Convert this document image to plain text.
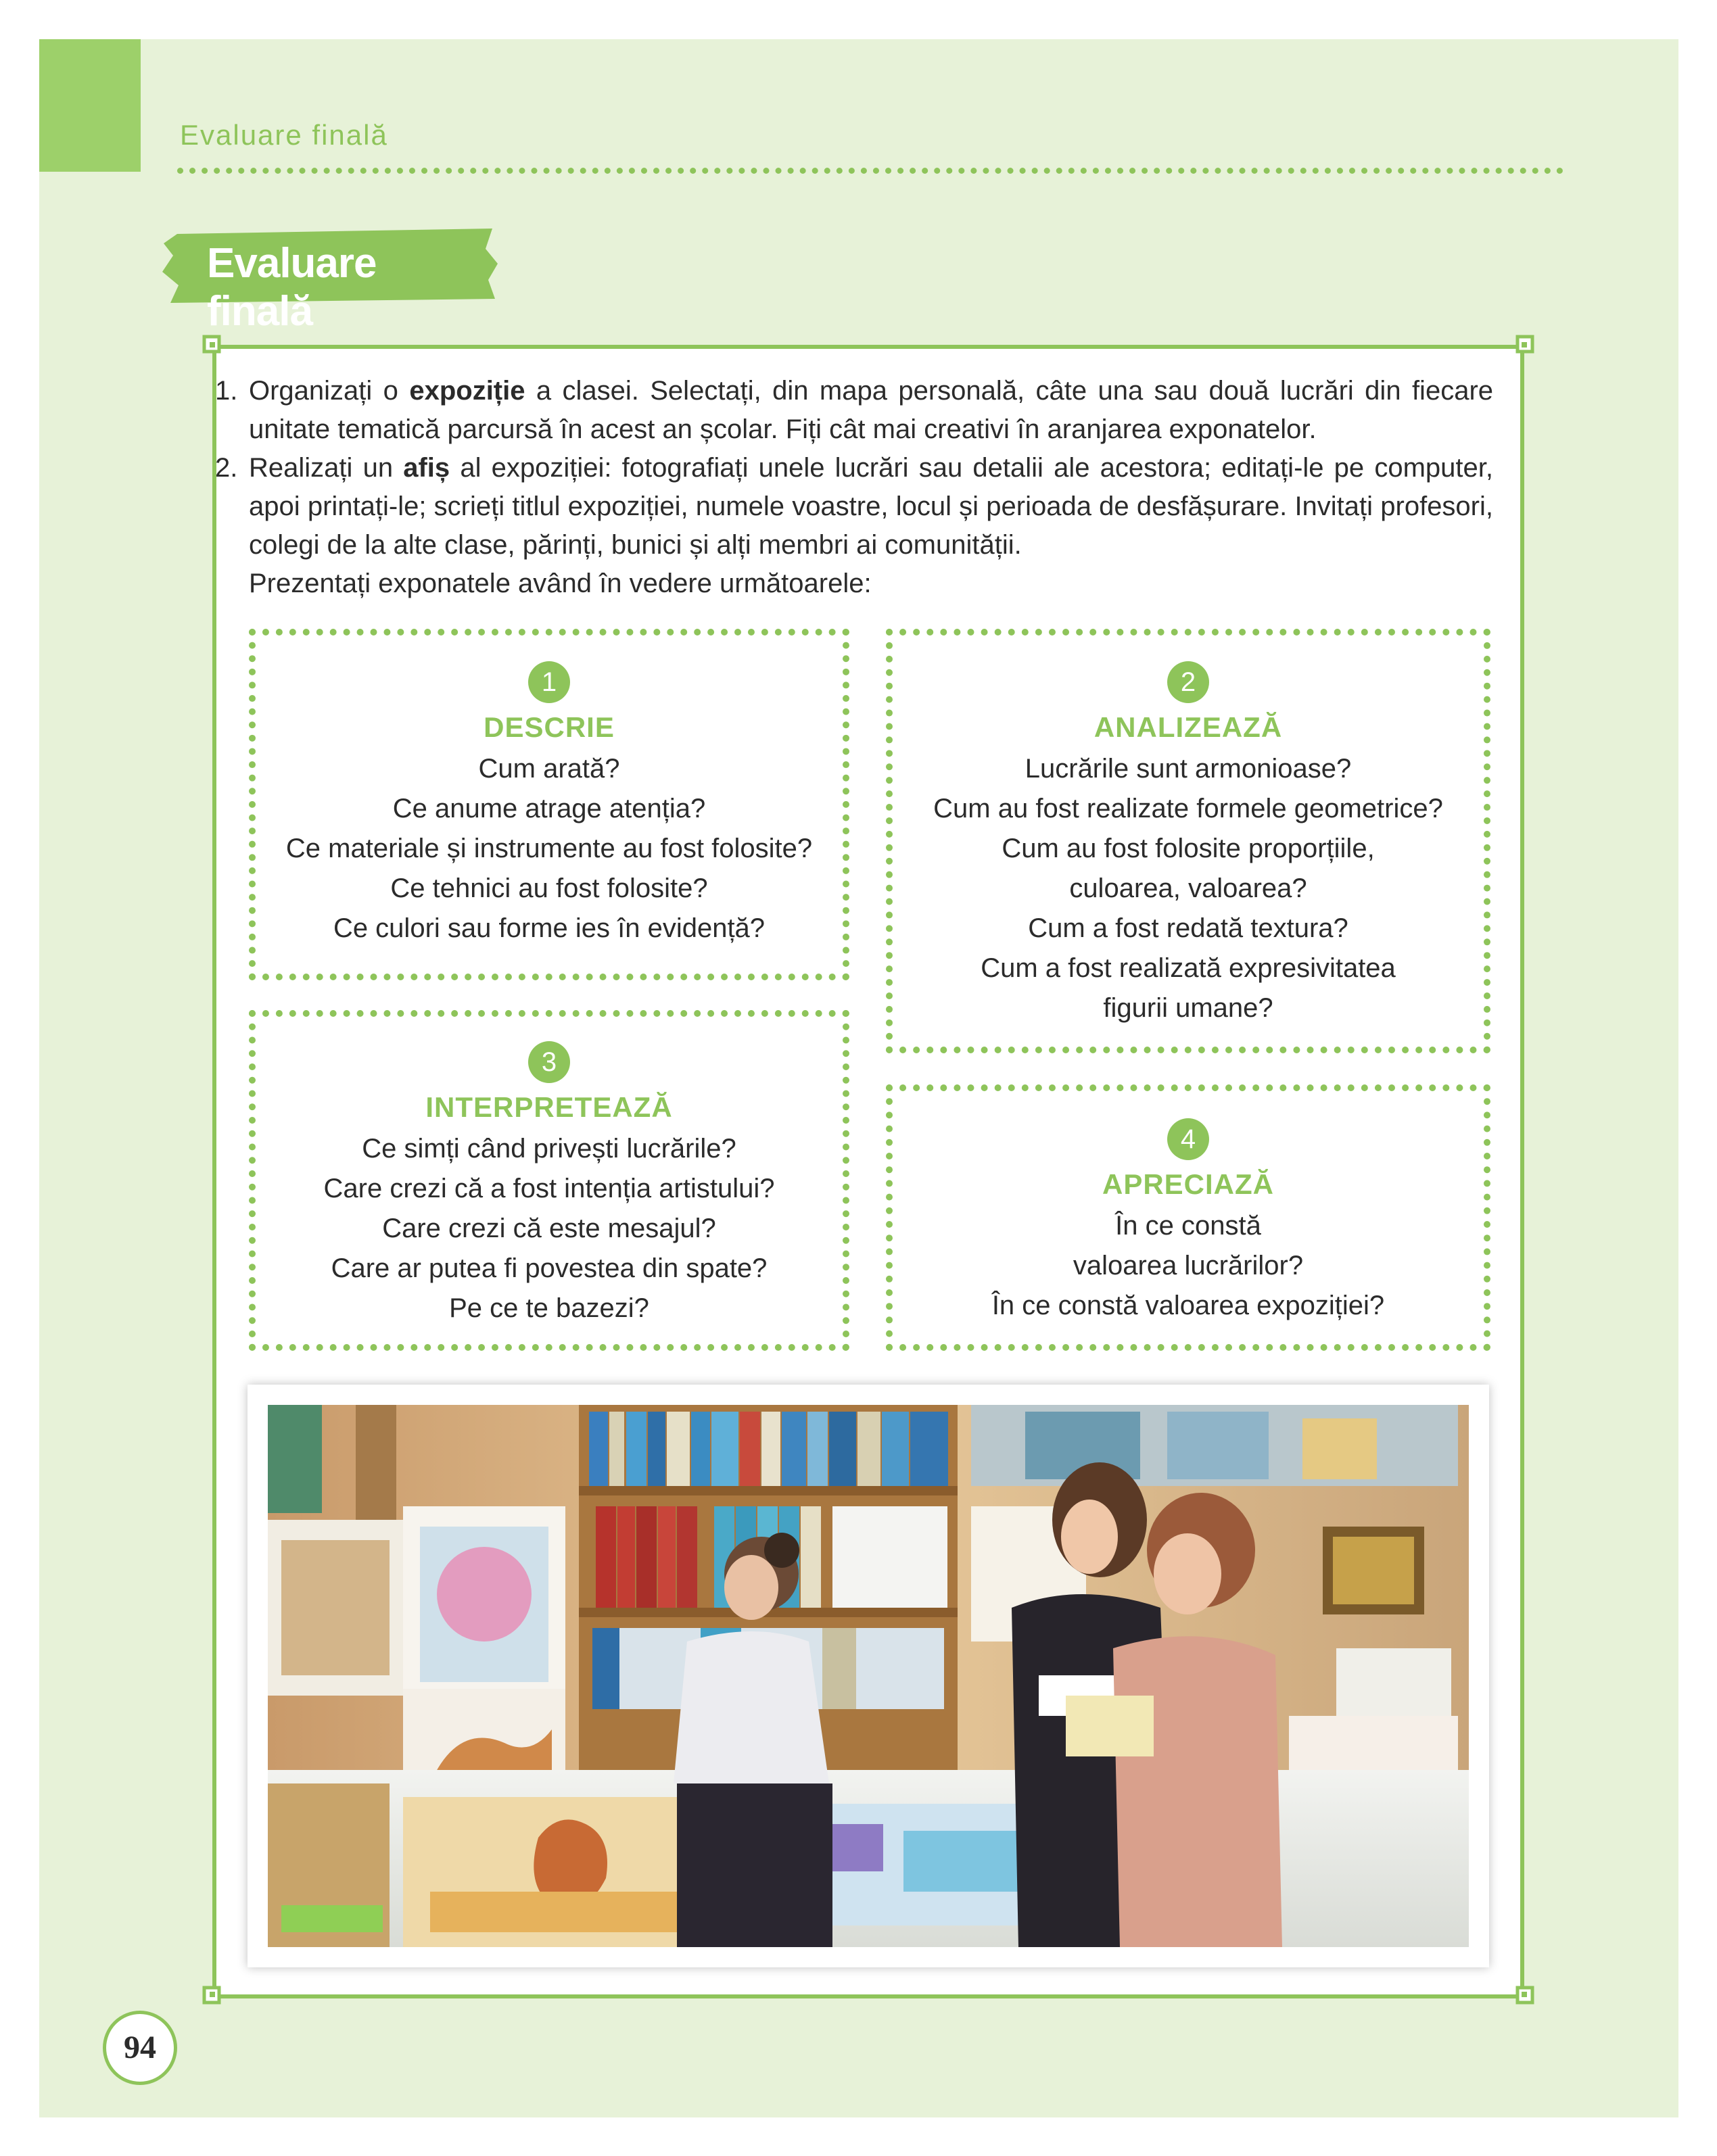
Evaluare finală
Evaluare finală
1. Organizați o expoziție a clasei. Selectați, din mapa personală, câte una sau două lucrări din fiecare unitate tematică parcursă în acest an școlar. Fiți cât mai creativi în aranjarea exponatelor.
2. Realizați un afiș al expoziției: fotografiați unele lucrări sau detalii ale acestora; editați-le pe computer, apoi printați-le; scrieți titlul expoziției, numele voastre, locul și perioada de desfășurare. Invitați profesori, colegi de la alte clase, părinți, bunici și alți membri ai comunității.
Prezentați exponatele având în vedere următoarele:
1
DESCRIE
Cum arată?
Ce anume atrage atenția?
Ce materiale și instrumente au fost folosite?
Ce tehnici au fost folosite?
Ce culori sau forme ies în evidență?
2
ANALIZEAZĂ
Lucrările sunt armonioase?
Cum au fost realizate formele geometrice?
Cum au fost folosite proporțiile,
culoarea, valoarea?
Cum a fost redată textura?
Cum a fost realizată expresivitatea
figurii umane?
3
INTERPRETEAZĂ
Ce simți când privești lucrările?
Care crezi că a fost intenția artistului?
Care crezi că este mesajul?
Care ar putea fi povestea din spate?
Pe ce te bazezi?
4
APRECIAZĂ
În ce constă
valoarea lucrărilor?
În ce constă valoarea expoziției?
94
